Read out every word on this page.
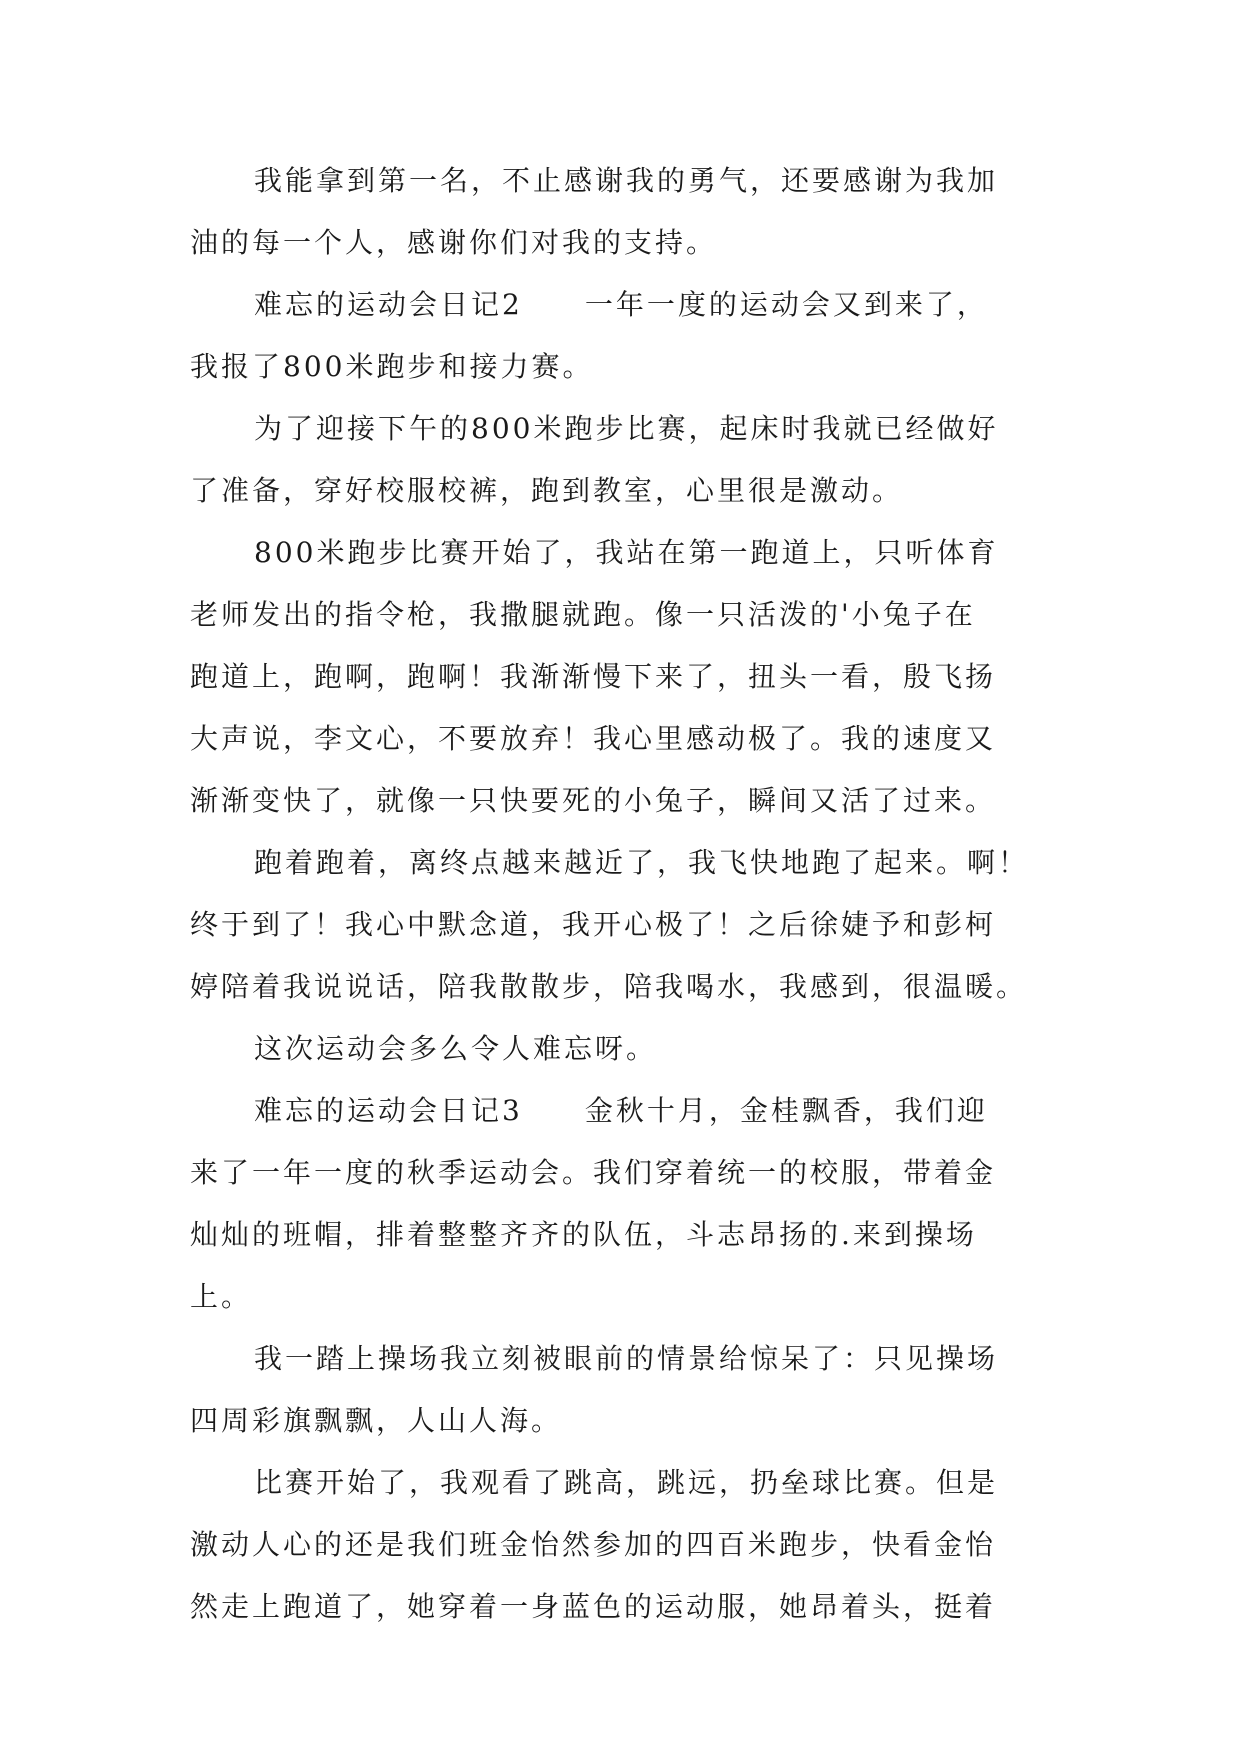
我能拿到第一名，不止感谢我的勇气，还要感谢为我加
油的每一个人，感谢你们对我的支持。
难忘的运动会日记2　　一年一度的运动会又到来了，
我报了800米跑步和接力赛。
为了迎接下午的800米跑步比赛，起床时我就已经做好
了准备，穿好校服校裤，跑到教室，心里很是激动。
800米跑步比赛开始了，我站在第一跑道上，只听体育
老师发出的指令枪，我撒腿就跑。像一只活泼的'小兔子在
跑道上，跑啊，跑啊！我渐渐慢下来了，扭头一看，殷飞扬
大声说，李文心，不要放弃！我心里感动极了。我的速度又
渐渐变快了，就像一只快要死的小兔子，瞬间又活了过来。
跑着跑着，离终点越来越近了，我飞快地跑了起来。啊！
终于到了！我心中默念道，我开心极了！之后徐婕予和彭柯
婷陪着我说说话，陪我散散步，陪我喝水，我感到，很温暖。
这次运动会多么令人难忘呀。
难忘的运动会日记3　　金秋十月，金桂飘香，我们迎
来了一年一度的秋季运动会。我们穿着统一的校服，带着金
灿灿的班帽，排着整整齐齐的队伍，斗志昂扬的.来到操场
上。
我一踏上操场我立刻被眼前的情景给惊呆了：只见操场
四周彩旗飘飘，人山人海。
比赛开始了，我观看了跳高，跳远，扔垒球比赛。但是
激动人心的还是我们班金怡然参加的四百米跑步，快看金怡
然走上跑道了，她穿着一身蓝色的运动服，她昂着头，挺着
